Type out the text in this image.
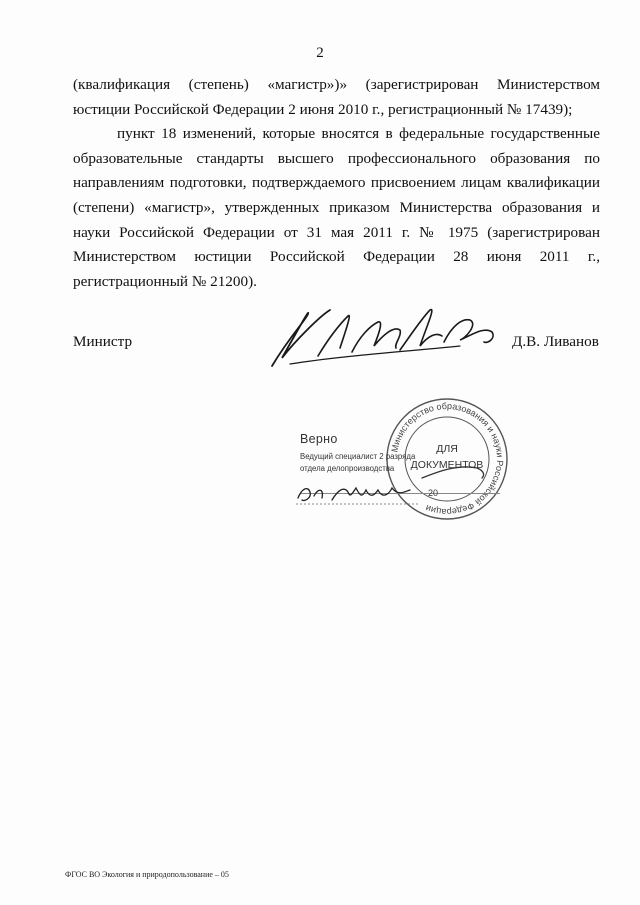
2

(квалификация (степень) «магистр»)» (зарегистрирован Министерством юстиции Российской Федерации 2 июня 2010 г., регистрационный № 17439);

пункт 18 изменений, которые вносятся в федеральные государственные образовательные стандарты высшего профессионального образования по направлениям подготовки, подтверждаемого присвоением лицам квалификации (степени) «магистр», утвержденных приказом Министерства образования и науки Российской Федерации от 31 мая 2011 г. № 1975 (зарегистрирован Министерством юстиции Российской Федерации 28 июня 2011 г., регистрационный № 21200).

Министр	Д.В. Ливанов
Министерство образования и науки Российской Федерации
ДЛЯ
ДОКУМЕНТОВ
Верно
Ведущий специалист 2 разряда
отдела делопроизводства
20
ФГОС ВО Экология и природопользование – 05
